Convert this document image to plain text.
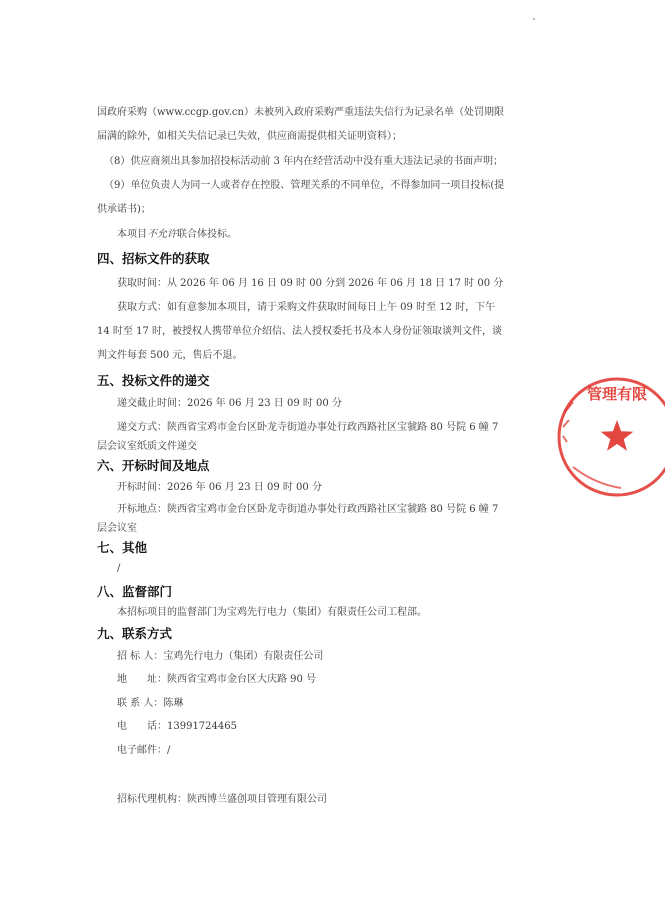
国政府采购（www.ccgp.gov.cn）未被列入政府采购严重违法失信行为记录名单（处罚期限
届满的除外，如相关失信记录已失效，供应商需提供相关证明资料）；
（8）供应商须出具参加招投标活动前 3 年内在经营活动中没有重大违法记录的书面声明；
（9）单位负责人为同一人或者存在控股、管理关系的不同单位，不得参加同一项目投标(提
供承诺书)；
本项目不允许联合体投标。
四、招标文件的获取
获取时间：从 2026 年 06 月 16 日 09 时 00 分到 2026 年 06 月 18 日 17 时 00 分
获取方式：如有意参加本项目，请于采购文件获取时间每日上午 09 时至 12 时，下午
14 时至 17 时，被授权人携带单位介绍信、法人授权委托书及本人身份证领取谈判文件，谈
判文件每套 500 元，售后不退。
五、投标文件的递交
递交截止时间：2026 年 06 月 23 日 09 时 00 分
递交方式：陕西省宝鸡市金台区卧龙寺街道办事处行政西路社区宝虢路 80 号院 6 幢 7
层会议室纸质文件递交
六、开标时间及地点
开标时间：2026 年 06 月 23 日 09 时 00 分
开标地点：陕西省宝鸡市金台区卧龙寺街道办事处行政西路社区宝虢路 80 号院 6 幢 7
层会议室
七、其他
/
八、监督部门
本招标项目的监督部门为宝鸡先行电力（集团）有限责任公司工程部。
九、联系方式
招 标 人：宝鸡先行电力（集团）有限责任公司
地　　址：陕西省宝鸡市金台区大庆路 90 号
联 系 人：陈琳
电　　话：13991724465
电子邮件：/
招标代理机构：陕西博兰盛创项目管理有限公司
管理有限
